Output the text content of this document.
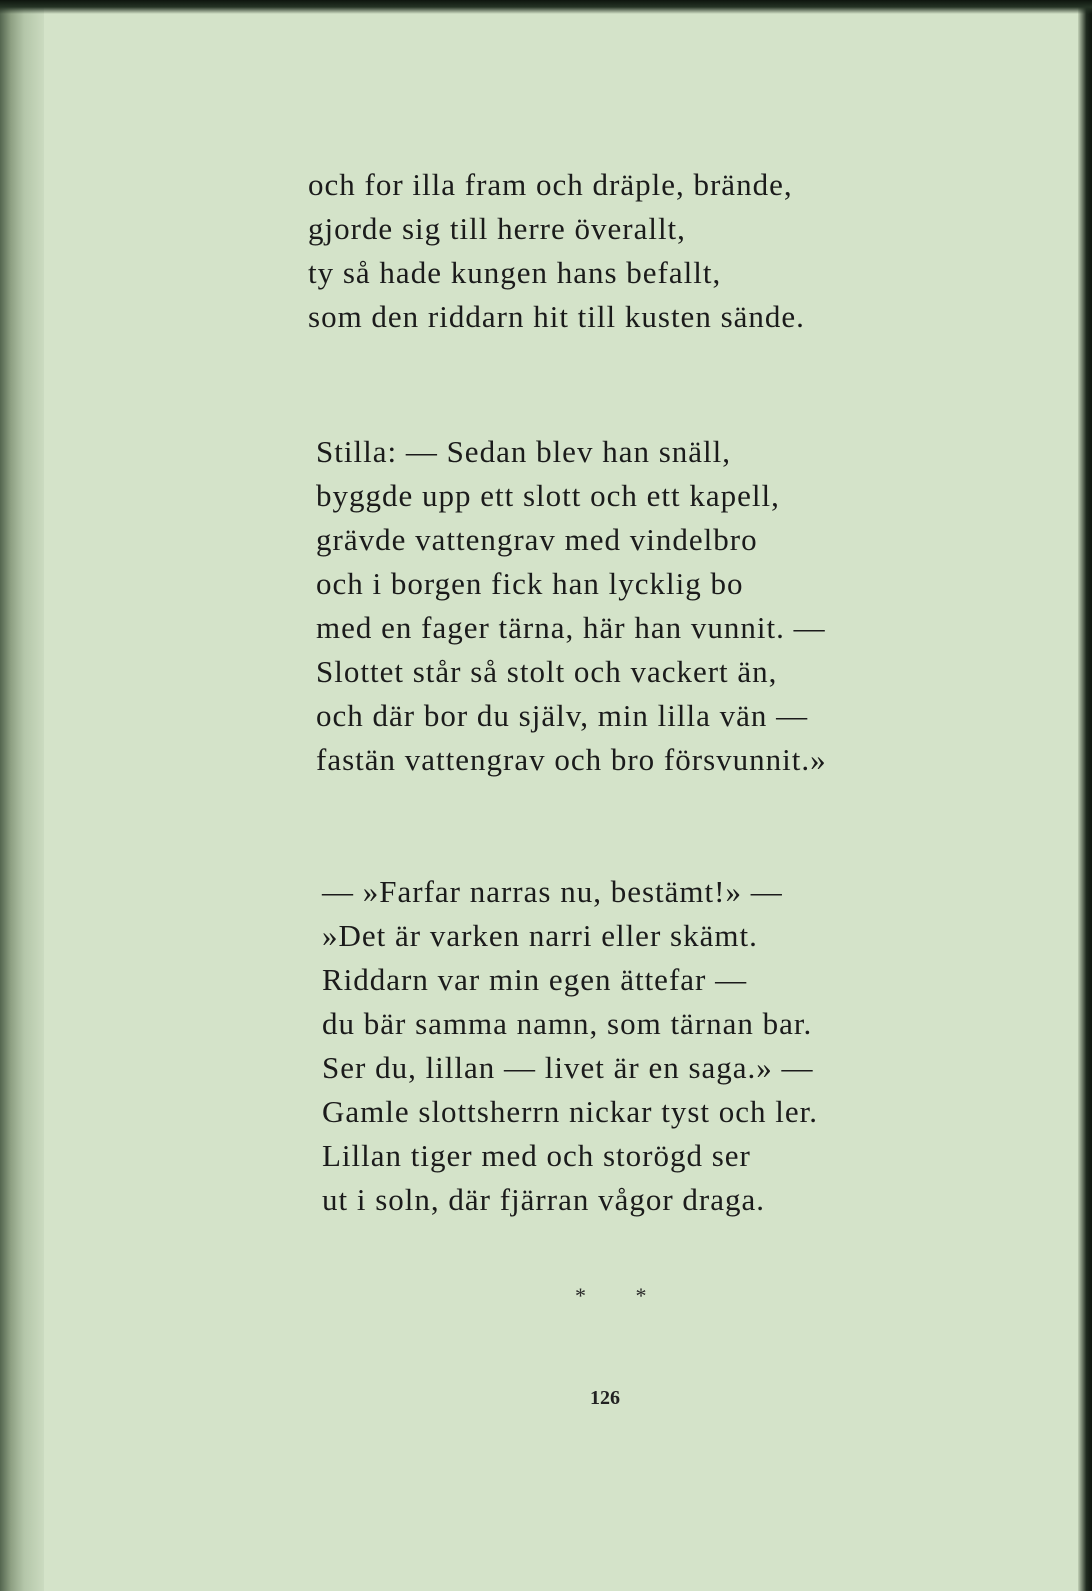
och for illa fram och dräple, brände,
gjorde sig till herre överallt,
ty så hade kungen hans befallt,
som den riddarn hit till kusten sände.
Stilla: — Sedan blev han snäll,
byggde upp ett slott och ett kapell,
grävde vattengrav med vindelbro
och i borgen fick han lycklig bo
med en fager tärna, här han vunnit. —
Slottet står så stolt och vackert än,
och där bor du själv, min lilla vän —
fastän vattengrav och bro försvunnit.»
— »Farfar narras nu, bestämt!» —
»Det är varken narri eller skämt.
Riddarn var min egen ättefar —
du bär samma namn, som tärnan bar.
Ser du, lillan — livet är en saga.» —
Gamle slottsherrn nickar tyst och ler.
Lillan tiger med och storögd ser
ut i soln, där fjärran vågor draga.
* *
126
